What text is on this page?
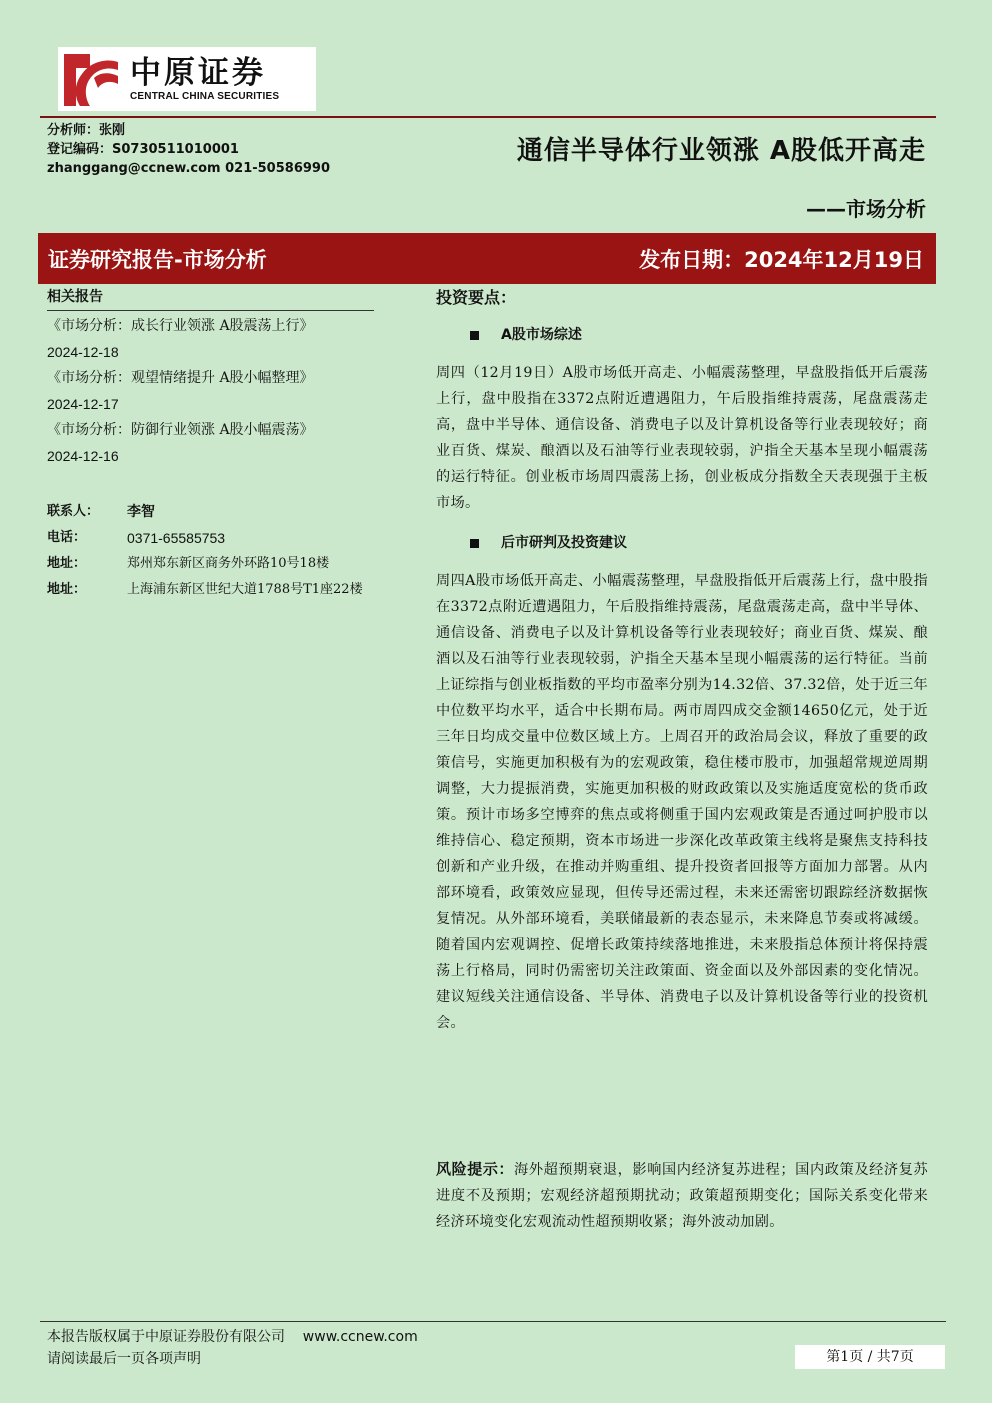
中原证券
CENTRAL CHINA SECURITIES
分析师：张刚
登记编码：S0730511010001
zhanggang@ccnew.com 021-50586990
通信半导体行业领涨 A股低开高走
——市场分析
证券研究报告-市场分析	发布日期：2024年12月19日
相关报告
《市场分析：成长行业领涨 A股震荡上行》
2024-12-18
《市场分析：观望情绪提升 A股小幅整理》
2024-12-17
《市场分析：防御行业领涨 A股小幅震荡》
2024-12-16
联系人：	李智
电话：	0371-65585753
地址：	郑州郑东新区商务外环路10号18楼
地址：	上海浦东新区世纪大道1788号T1座22楼
投资要点：
A股市场综述
周四（12月19日）A股市场低开高走、小幅震荡整理，早盘股指低开后震荡上行，盘中股指在3372点附近遭遇阻力，午后股指维持震荡，尾盘震荡走高，盘中半导体、通信设备、消费电子以及计算机设备等行业表现较好；商业百货、煤炭、酿酒以及石油等行业表现较弱，沪指全天基本呈现小幅震荡的运行特征。创业板市场周四震荡上扬，创业板成分指数全天表现强于主板市场。
后市研判及投资建议
周四A股市场低开高走、小幅震荡整理，早盘股指低开后震荡上行，盘中股指在3372点附近遭遇阻力，午后股指维持震荡，尾盘震荡走高，盘中半导体、通信设备、消费电子以及计算机设备等行业表现较好；商业百货、煤炭、酿酒以及石油等行业表现较弱，沪指全天基本呈现小幅震荡的运行特征。当前上证综指与创业板指数的平均市盈率分别为14.32倍、37.32倍，处于近三年中位数平均水平，适合中长期布局。两市周四成交金额14650亿元，处于近三年日均成交量中位数区域上方。上周召开的政治局会议，释放了重要的政策信号，实施更加积极有为的宏观政策，稳住楼市股市，加强超常规逆周期调整，大力提振消费，实施更加积极的财政政策以及实施适度宽松的货币政策。预计市场多空博弈的焦点或将侧重于国内宏观政策是否通过呵护股市以维持信心、稳定预期，资本市场进一步深化改革政策主线将是聚焦支持科技创新和产业升级，在推动并购重组、提升投资者回报等方面加力部署。从内部环境看，政策效应显现，但传导还需过程，未来还需密切跟踪经济数据恢复情况。从外部环境看，美联储最新的表态显示，未来降息节奏或将减缓。随着国内宏观调控、促增长政策持续落地推进，未来股指总体预计将保持震荡上行格局，同时仍需密切关注政策面、资金面以及外部因素的变化情况。建议短线关注通信设备、半导体、消费电子以及计算机设备等行业的投资机会。
风险提示：海外超预期衰退，影响国内经济复苏进程；国内政策及经济复苏进度不及预期；宏观经济超预期扰动；政策超预期变化；国际关系变化带来经济环境变化宏观流动性超预期收紧；海外波动加剧。
本报告版权属于中原证券股份有限公司    www.ccnew.com
请阅读最后一页各项声明	第1页 / 共7页
